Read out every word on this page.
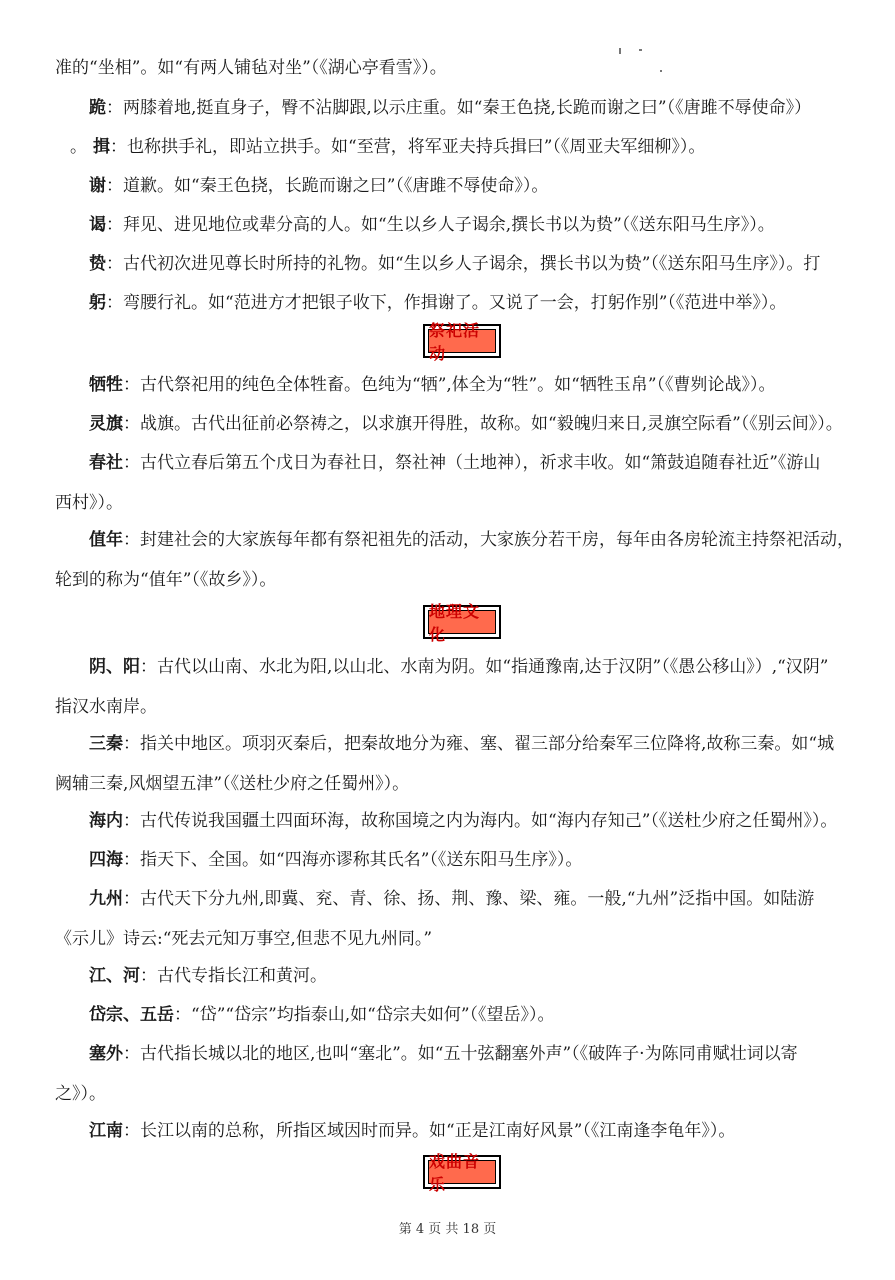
准的“坐相”。如“有两人铺毡对坐”（《湖心亭看雪》）。
跪：两膝着地,挺直身子，臀不沾脚跟,以示庄重。如“秦王色挠,长跪而谢之曰”（《唐雎不辱使命》）
。 揖：也称拱手礼，即站立拱手。如“至营，将军亚夫持兵揖曰”（《周亚夫军细柳》）。
谢：道歉。如“秦王色挠，长跪而谢之曰”（《唐雎不辱使命》）。
谒：拜见、进见地位或辈分高的人。如“生以乡人子谒余,撰长书以为贽”（《送东阳马生序》）。
贽：古代初次进见尊长时所持的礼物。如“生以乡人子谒余，撰长书以为贽”（《送东阳马生序》）。打
躬：弯腰行礼。如“范进方才把银子收下，作揖谢了。又说了一会，打躬作别”（《范进中举》）。
祭祀活动
牺牲：古代祭祀用的纯色全体牲畜。色纯为“牺”,体全为“牲”。如“牺牲玉帛”（《曹刿论战》）。
灵旗：战旗。古代出征前必祭祷之，以求旗开得胜，故称。如“毅魄归来日,灵旗空际看”（《别云间》）。
春社：古代立春后第五个戊日为春社日，祭社神（土地神），祈求丰收。如“箫鼓追随春社近”《游山
西村》）。
值年：封建社会的大家族每年都有祭祀祖先的活动，大家族分若干房，每年由各房轮流主持祭祀活动，
轮到的称为“值年”（《故乡》）。
地理文化
阴、阳：古代以山南、水北为阳,以山北、水南为阴。如“指通豫南,达于汉阴”（《愚公移山》）,“汉阴”
指汉水南岸。
三秦：指关中地区。项羽灭秦后，把秦故地分为雍、塞、翟三部分给秦军三位降将,故称三秦。如“城
阙辅三秦,风烟望五津”（《送杜少府之任蜀州》）。
海内：古代传说我国疆土四面环海，故称国境之内为海内。如“海内存知己”（《送杜少府之任蜀州》）。
四海：指天下、全国。如“四海亦谬称其氏名”（《送东阳马生序》）。
九州：古代天下分九州,即冀、兖、青、徐、扬、荆、豫、梁、雍。一般,“九州”泛指中国。如陆游
《示儿》诗云:“死去元知万事空,但悲不见九州同。”
江、河：古代专指长江和黄河。
岱宗、五岳：“岱”“岱宗”均指泰山,如“岱宗夫如何”（《望岳》）。
塞外：古代指长城以北的地区,也叫“塞北”。如“五十弦翻塞外声”（《破阵子·为陈同甫赋壮词以寄
之》）。
江南：长江以南的总称，所指区域因时而异。如“正是江南好风景”（《江南逢李龟年》）。
戏曲音乐
第 4 页 共 18 页
